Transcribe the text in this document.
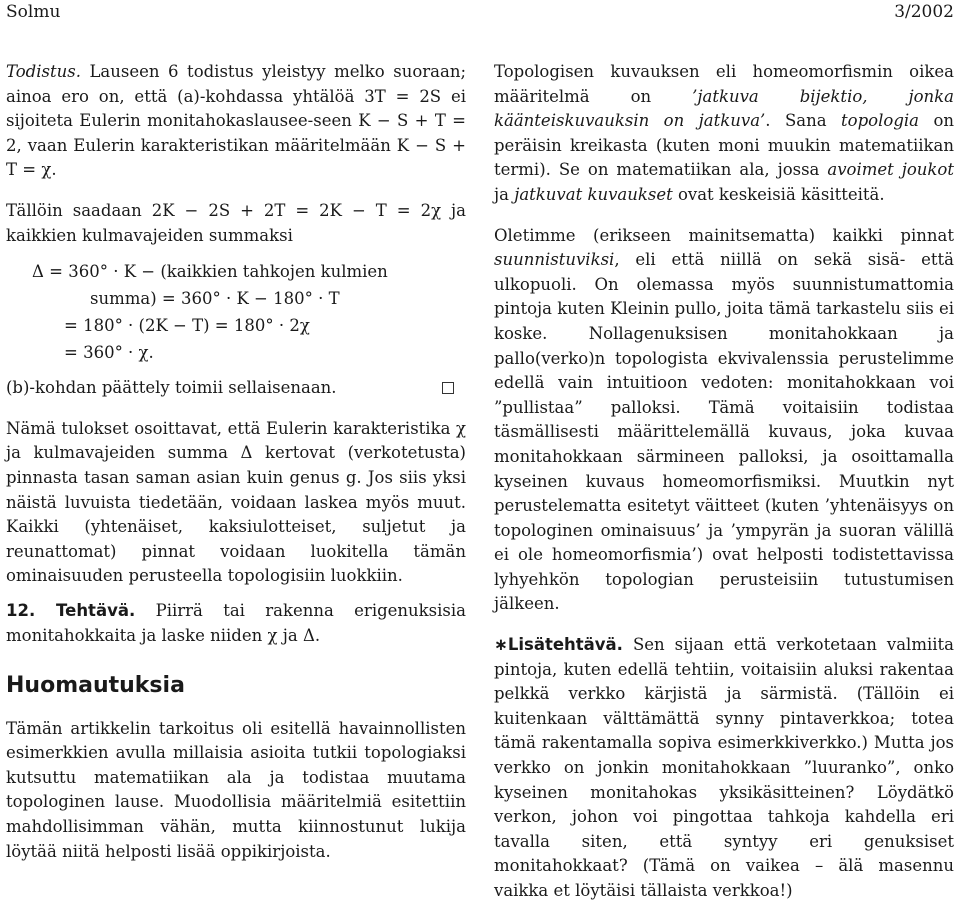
Solmu	3/2002

Todistus. Lauseen 6 todistus yleistyy melko suoraan; ainoa ero on, että (a)-kohdassa yhtälöä 3T = 2S ei sijoiteta Eulerin monitahokaslausee-seen K − S + T = 2, vaan Eulerin karakteristikan määritelmään K − S + T = χ.

Tällöin saadaan 2K − 2S + 2T = 2K − T = 2χ ja kaikkien kulmavajeiden summaksi

Δ = 360° · K − (kaikkien tahkojen kulmien
summa) = 360° · K − 180° · T
= 180° · (2K − T) = 180° · 2χ
= 360° · χ.

(b)-kohdan päättely toimii sellaisenaan.

Nämä tulokset osoittavat, että Eulerin karakteristika χ ja kulmavajeiden summa Δ kertovat (verkotetusta) pinnasta tasan saman asian kuin genus g. Jos siis yksi näistä luvuista tiedetään, voidaan laskea myös muut. Kaikki (yhtenäiset, kaksiulotteiset, suljetut ja reunattomat) pinnat voidaan luokitella tämän ominaisuuden perusteella topologisiin luokkiin.

12. Tehtävä. Piirrä tai rakenna erigenuksisia monitahokkaita ja laske niiden χ ja Δ.

Huomautuksia

Tämän artikkelin tarkoitus oli esitellä havainnollisten esimerkkien avulla millaisia asioita tutkii topologiaksi kutsuttu matematiikan ala ja todistaa muutama topologinen lause. Muodollisia määritelmiä esitettiin mahdollisimman vähän, mutta kiinnostunut lukija löytää niitä helposti lisää oppikirjoista.

Topologisen kuvauksen eli homeomorfismin oikea määritelmä on ’jatkuva bijektio, jonka käänteiskuvauksin on jatkuva’. Sana topologia on peräisin kreikasta (kuten moni muukin matematiikan termi). Se on matematiikan ala, jossa avoimet joukot ja jatkuvat kuvaukset ovat keskeisiä käsitteitä.

Oletimme (erikseen mainitsematta) kaikki pinnat suunnistuviksi, eli että niillä on sekä sisä- että ulkopuoli. On olemassa myös suunnistumattomia pintoja kuten Kleinin pullo, joita tämä tarkastelu siis ei koske. Nollagenuksisen monitahokkaan ja pallo(verko)n topologista ekvivalenssia perustelimme edellä vain intuitioon vedoten: monitahokkaan voi ”pullistaa” palloksi. Tämä voitaisiin todistaa täsmällisesti määrittelemällä kuvaus, joka kuvaa monitahokkaan särmineen palloksi, ja osoittamalla kyseinen kuvaus homeomorfismiksi. Muutkin nyt perustelematta esitetyt väitteet (kuten ’yhtenäisyys on topologinen ominaisuus’ ja ’ympyrän ja suoran välillä ei ole homeomorfismia’) ovat helposti todistettavissa lyhyehkön topologian perusteisiin tutustumisen jälkeen.

∗Lisätehtävä. Sen sijaan että verkotetaan valmiita pintoja, kuten edellä tehtiin, voitaisiin aluksi rakentaa pelkkä verkko kärjistä ja särmistä. (Tällöin ei kuitenkaan välttämättä synny pintaverkkoa; totea tämä rakentamalla sopiva esimerkkiverkko.) Mutta jos verkko on jonkin monitahokkaan ”luuranko”, onko kyseinen monitahokas yksikäsitteinen? Löydätkö verkon, johon voi pingottaa tahkoja kahdella eri tavalla siten, että syntyy eri genuksiset monitahokkaat? (Tämä on vaikea – älä masennu vaikka et löytäisi tällaista verkkoa!)
